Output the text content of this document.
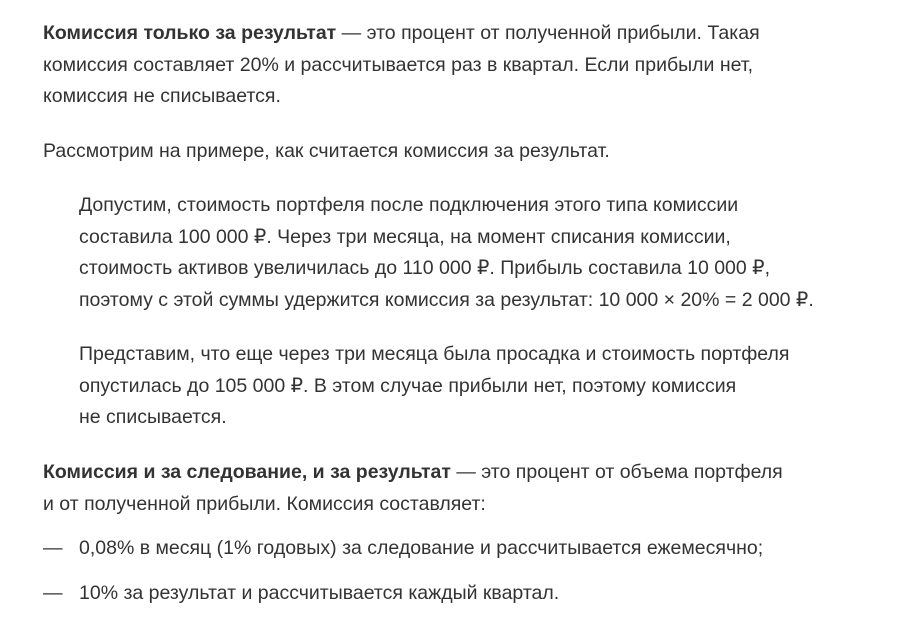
Комиссия только за результат — это процент от полученной прибыли. Такая
комиссия составляет 20% и рассчитывается раз в квартал. Если прибыли нет,
комиссия не списывается.

Рассмотрим на примере, как считается комиссия за результат.

Допустим, стоимость портфеля после подключения этого типа комиссии
составила 100 000 ₽. Через три месяца, на момент списания комиссии,
стоимость активов увеличилась до 110 000 ₽. Прибыль составила 10 000 ₽,
поэтому с этой суммы удержится комиссия за результат: 10 000 × 20% = 2 000 ₽.

Представим, что еще через три месяца была просадка и стоимость портфеля
опустилась до 105 000 ₽. В этом случае прибыли нет, поэтому комиссия
не списывается.

Комиссия и за следование, и за результат — это процент от объема портфеля
и от полученной прибыли. Комиссия составляет:

— 0,08% в месяц (1% годовых) за следование и рассчитывается ежемесячно;
— 10% за результат и рассчитывается каждый квартал.
